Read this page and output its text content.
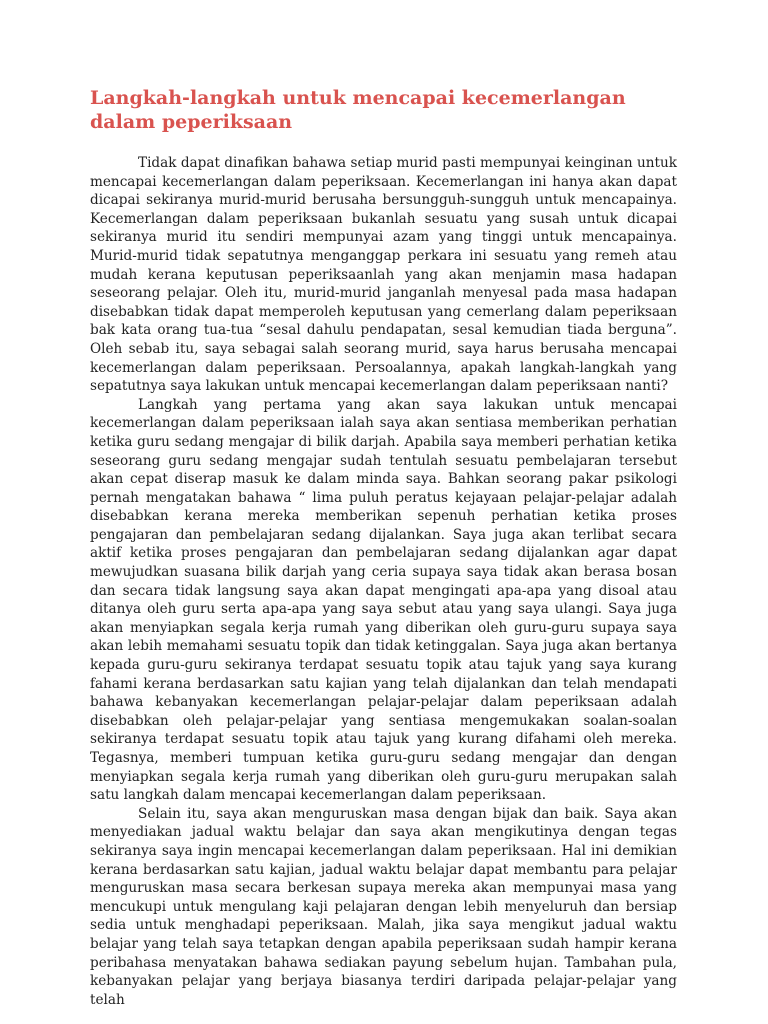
Langkah-langkah untuk mencapai kecemerlangan dalam peperiksaan

Tidak dapat dinafikan bahawa setiap murid pasti mempunyai keinginan untuk mencapai kecemerlangan dalam peperiksaan. Kecemerlangan ini hanya akan dapat dicapai sekiranya murid-murid berusaha bersungguh-sungguh untuk mencapainya. Kecemerlangan dalam peperiksaan bukanlah sesuatu yang susah untuk dicapai sekiranya murid itu sendiri mempunyai azam yang tinggi untuk mencapainya. Murid-murid tidak sepatutnya menganggap perkara ini sesuatu yang remeh atau mudah kerana keputusan peperiksaanlah yang akan menjamin masa hadapan seseorang pelajar. Oleh itu, murid-murid janganlah menyesal pada masa hadapan disebabkan tidak dapat memperoleh keputusan yang cemerlang dalam peperiksaan bak kata orang tua-tua “sesal dahulu pendapatan, sesal kemudian tiada berguna”. Oleh sebab itu, saya sebagai salah seorang murid, saya harus berusaha mencapai kecemerlangan dalam peperiksaan. Persoalannya, apakah langkah-langkah yang sepatutnya saya lakukan untuk mencapai kecemerlangan dalam peperiksaan nanti?

Langkah yang pertama yang akan saya lakukan untuk mencapai kecemerlangan dalam peperiksaan ialah saya akan sentiasa memberikan perhatian ketika guru sedang mengajar di bilik darjah. Apabila saya memberi perhatian ketika seseorang guru sedang mengajar sudah tentulah sesuatu pembelajaran tersebut akan cepat diserap masuk ke dalam minda saya. Bahkan seorang pakar psikologi pernah mengatakan bahawa “ lima puluh peratus kejayaan pelajar-pelajar adalah disebabkan kerana mereka memberikan sepenuh perhatian ketika proses pengajaran dan pembelajaran sedang dijalankan. Saya juga akan terlibat secara aktif ketika proses pengajaran dan pembelajaran sedang dijalankan agar dapat mewujudkan suasana bilik darjah yang ceria supaya saya tidak akan berasa bosan dan secara tidak langsung saya akan dapat mengingati apa-apa yang disoal atau ditanya oleh guru serta apa-apa yang saya sebut atau yang saya ulangi. Saya juga akan menyiapkan segala kerja rumah yang diberikan oleh guru-guru supaya saya akan lebih memahami sesuatu topik dan tidak ketinggalan. Saya juga akan bertanya kepada guru-guru sekiranya terdapat sesuatu topik atau tajuk yang saya kurang fahami kerana berdasarkan satu kajian yang telah dijalankan dan telah mendapati bahawa kebanyakan kecemerlangan pelajar-pelajar dalam peperiksaan adalah disebabkan oleh pelajar-pelajar yang sentiasa mengemukakan soalan-soalan sekiranya terdapat sesuatu topik atau tajuk yang kurang difahami oleh mereka. Tegasnya, memberi tumpuan ketika guru-guru sedang mengajar dan dengan menyiapkan segala kerja rumah yang diberikan oleh guru-guru merupakan salah satu langkah dalam mencapai kecemerlangan dalam peperiksaan.

Selain itu, saya akan menguruskan masa dengan bijak dan baik. Saya akan menyediakan jadual waktu belajar dan saya akan mengikutinya dengan tegas sekiranya saya ingin mencapai kecemerlangan dalam peperiksaan. Hal ini demikian kerana berdasarkan satu kajian, jadual waktu belajar dapat membantu para pelajar menguruskan masa secara berkesan supaya mereka akan mempunyai masa yang mencukupi untuk mengulang kaji pelajaran dengan lebih menyeluruh dan bersiap sedia untuk menghadapi peperiksaan. Malah, jika saya mengikut jadual waktu belajar yang telah saya tetapkan dengan apabila peperiksaan sudah hampir kerana peribahasa menyatakan bahawa sediakan payung sebelum hujan. Tambahan pula, kebanyakan pelajar yang berjaya biasanya terdiri daripada pelajar-pelajar yang telah
